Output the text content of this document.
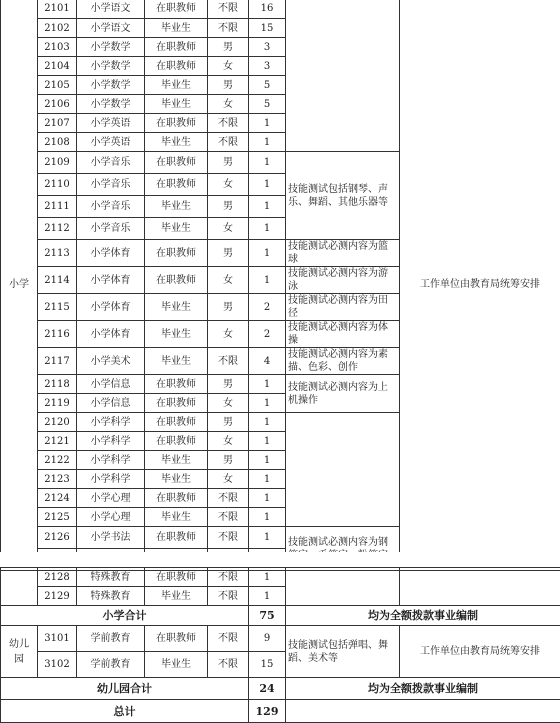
小学	2101	小学语文	在职教师	不限	16		工作单位由教育局统筹安排
	2102	小学语文	毕业生	不限	15		
	2103	小学数学	在职教师	男	3		
	2104	小学数学	在职教师	女	3		
	2105	小学数学	毕业生	男	5		
	2106	小学数学	毕业生	女	5		
	2107	小学英语	在职教师	不限	1		
	2108	小学英语	毕业生	不限	1		
	2109	小学音乐	在职教师	男	1	技能测试包括钢琴、声乐、舞蹈、其他乐器等	
	2110	小学音乐	在职教师	女	1		
	2111	小学音乐	毕业生	男	1		
	2112	小学音乐	毕业生	女	1		
	2113	小学体育	在职教师	男	1	技能测试必测内容为篮球	
	2114	小学体育	在职教师	女	1	技能测试必测内容为游泳	
	2115	小学体育	毕业生	男	2	技能测试必测内容为田径	
	2116	小学体育	毕业生	女	2	技能测试必测内容为体操	
	2117	小学美术	毕业生	不限	4	技能测试必测内容为素描、色彩、创作	
	2118	小学信息	在职教师	男	1	技能测试必测内容为上机操作	
	2119	小学信息	在职教师	女	1		
	2120	小学科学	在职教师	男	1		
	2121	小学科学	在职教师	女	1		
	2122	小学科学	毕业生	男	1		
	2123	小学科学	毕业生	女	1		
	2124	小学心理	在职教师	不限	1		
	2125	小学心理	毕业生	不限	1		
	2126	小学书法	在职教师	不限	1	技能测试必测内容为钢	

	2128	特殊教育	在职教师	不限	1		
	2129	特殊教育	毕业生	不限	1		
小学合计					75	均为全额拨款事业编制	
幼儿园	3101	学前教育	在职教师	不限	9	技能测试包括弹唱、舞蹈、美术等	工作单位由教育局统筹安排
	3102	学前教育	毕业生	不限	15		
幼儿园合计					24	均为全额拨款事业编制	
总计					129		
